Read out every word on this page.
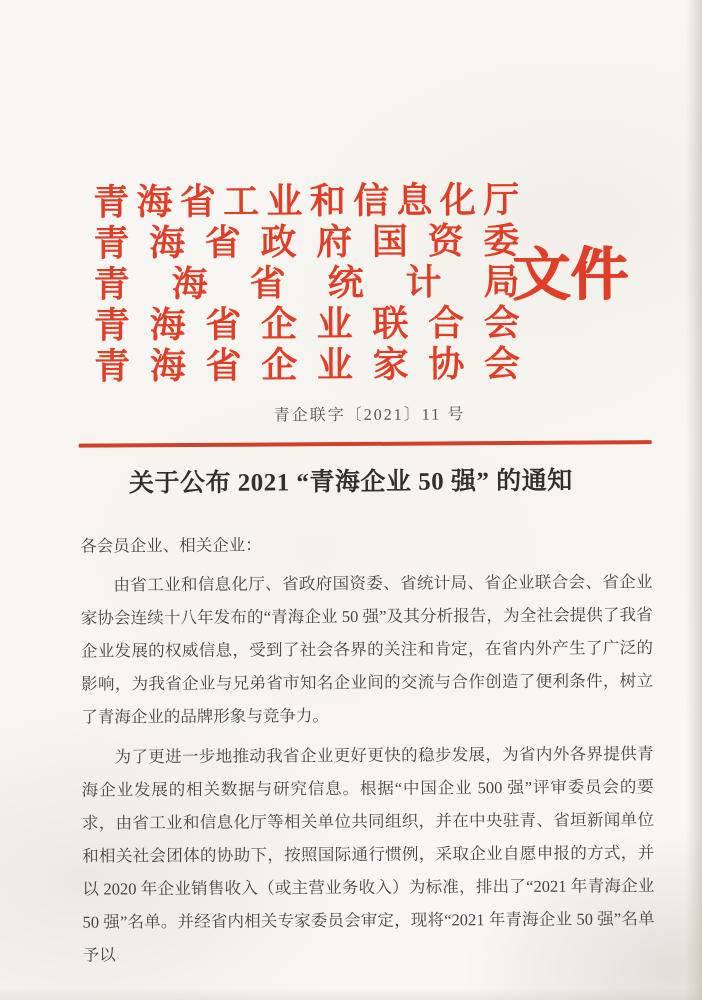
青 海 省 工 业 和 信 息 化 厅
青 海 省 政 府 国 资 委
青 海 省 统 计 局
青 海 省 企 业 联 合 会
青 海 省 企 业 家 协 会
文件
青企联字〔2021〕11 号
关于公布 2021 “青海企业 50 强” 的通知
各会员企业、相关企业：

由省工业和信息化厅、省政府国资委、省统计局、省企业联合会、省企业家协会连续十八年发布的“青海企业 50 强”及其分析报告，为全社会提供了我省企业发展的权威信息，受到了社会各界的关注和肯定，在省内外产生了广泛的影响，为我省企业与兄弟省市知名企业间的交流与合作创造了便利条件，树立了青海企业的品牌形象与竞争力。

为了更进一步地推动我省企业更好更快的稳步发展，为省内外各界提供青海企业发展的相关数据与研究信息。根据“中国企业 500 强”评审委员会的要求，由省工业和信息化厅等相关单位共同组织，并在中央驻青、省垣新闻单位和相关社会团体的协助下，按照国际通行惯例，采取企业自愿申报的方式，并以 2020 年企业销售收入（或主营业务收入）为标准，排出了“2021 年青海企业 50 强”名单。并经省内相关专家委员会审定，现将“2021 年青海企业 50 强”名单予以
